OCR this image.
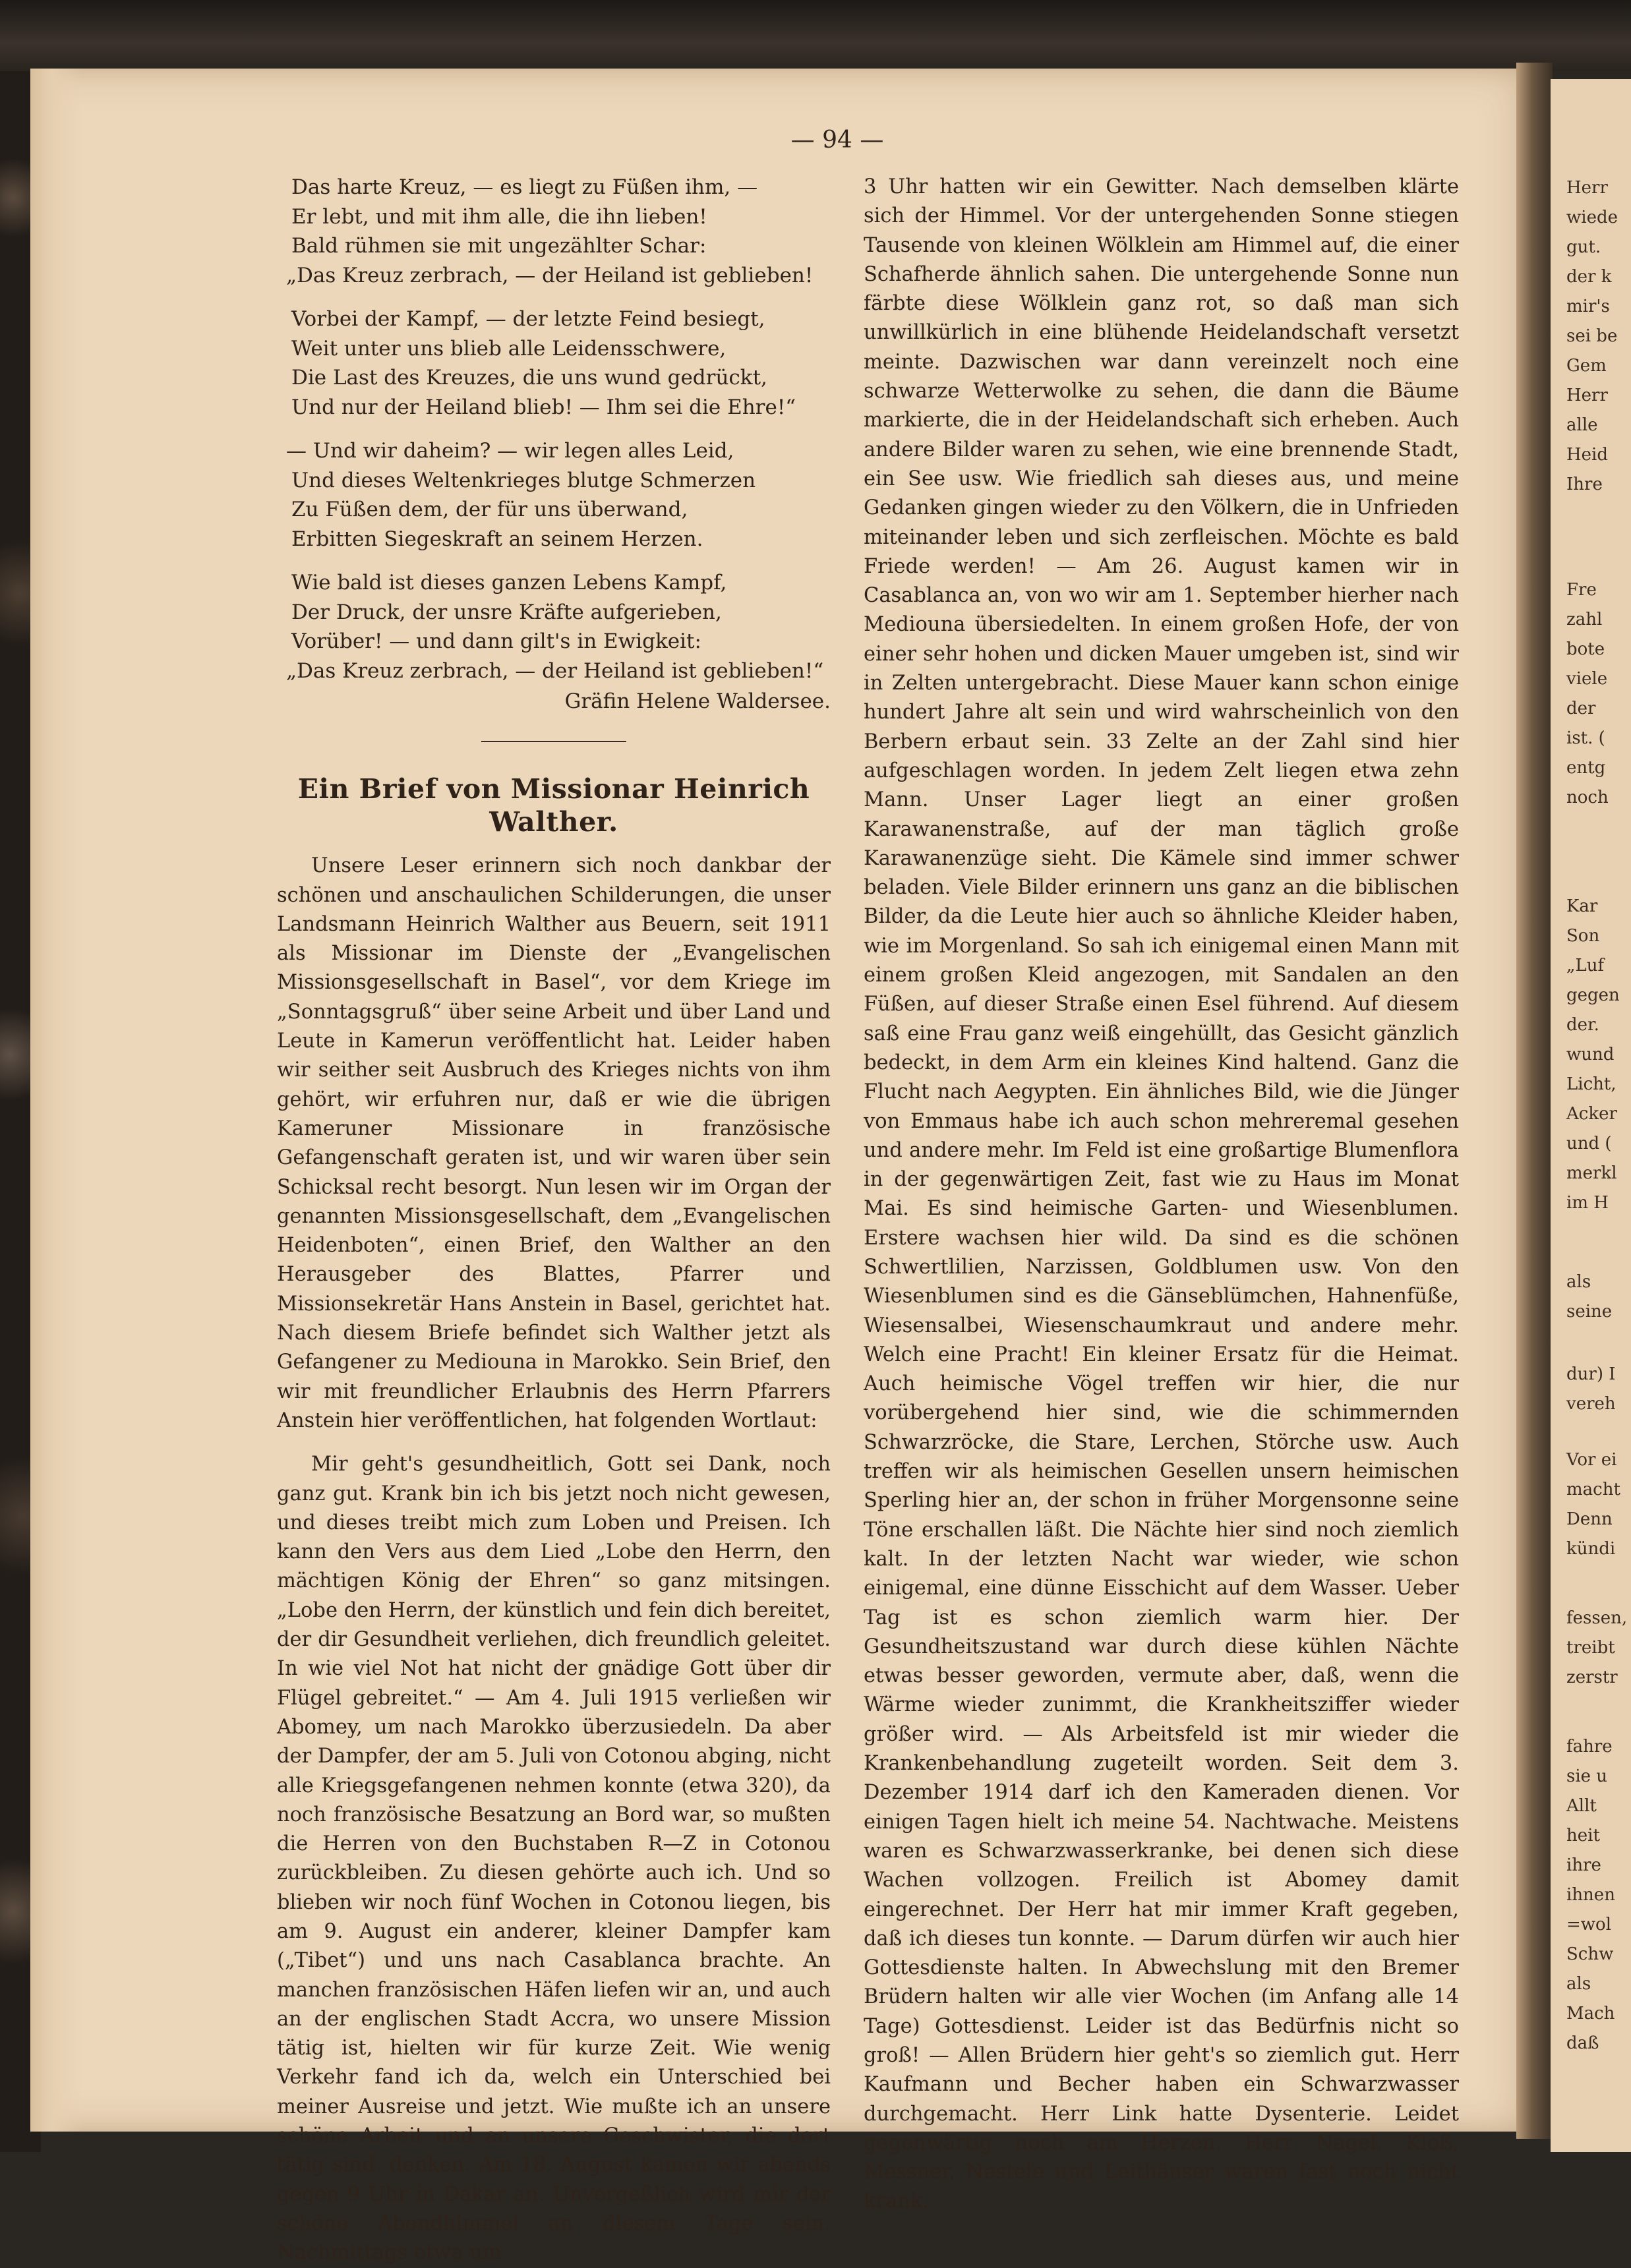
— 94 —
Das harte Kreuz, — es liegt zu Füßen ihm, —
Er lebt, und mit ihm alle, die ihn lieben!
Bald rühmen sie mit ungezählter Schar:
„Das Kreuz zerbrach, — der Heiland ist geblieben!
Vorbei der Kampf, — der letzte Feind besiegt,
Weit unter uns blieb alle Leidensschwere,
Die Last des Kreuzes, die uns wund gedrückt,
Und nur der Heiland blieb! — Ihm sei die Ehre!“
— Und wir daheim? — wir legen alles Leid,
Und dieses Weltenkrieges blutge Schmerzen
Zu Füßen dem, der für uns überwand,
Erbitten Siegeskraft an seinem Herzen.
Wie bald ist dieses ganzen Lebens Kampf,
Der Druck, der unsre Kräfte aufgerieben,
Vorüber! — und dann gilt's in Ewigkeit:
„Das Kreuz zerbrach, — der Heiland ist geblieben!“
Gräfin Helene Waldersee.
Ein Brief von Missionar Heinrich Walther.

Unsere Leser erinnern sich noch dankbar der schönen und anschaulichen Schilderungen, die unser Landsmann Heinrich Walther aus Beuern, seit 1911 als Missionar im Dienste der „Evangelischen Missionsgesellschaft in Basel“, vor dem Kriege im „Sonntagsgruß“ über seine Arbeit und über Land und Leute in Kamerun veröffentlicht hat. Leider haben wir seither seit Ausbruch des Krieges nichts von ihm gehört, wir erfuhren nur, daß er wie die übrigen Kameruner Missionare in französische Gefangenschaft geraten ist, und wir waren über sein Schicksal recht besorgt. Nun lesen wir im Organ der genannten Missionsgesellschaft, dem „Evangelischen Heidenboten“, einen Brief, den Walther an den Herausgeber des Blattes, Pfarrer und Missionsekretär Hans Anstein in Basel, gerichtet hat. Nach diesem Briefe befindet sich Walther jetzt als Gefangener zu Mediouna in Marokko. Sein Brief, den wir mit freundlicher Erlaubnis des Herrn Pfarrers Anstein hier veröffentlichen, hat folgenden Wortlaut:

Mir geht's gesundheitlich, Gott sei Dank, noch ganz gut. Krank bin ich bis jetzt noch nicht gewesen, und dieses treibt mich zum Loben und Preisen. Ich kann den Vers aus dem Lied „Lobe den Herrn, den mächtigen König der Ehren“ so ganz mitsingen. „Lobe den Herrn, der künstlich und fein dich bereitet, der dir Gesundheit verliehen, dich freundlich geleitet. In wie viel Not hat nicht der gnädige Gott über dir Flügel gebreitet.“ — Am 4. Juli 1915 verließen wir Abomey, um nach Marokko überzusiedeln. Da aber der Dampfer, der am 5. Juli von Cotonou abging, nicht alle Kriegsgefangenen nehmen konnte (etwa 320), da noch französische Besatzung an Bord war, so mußten die Herren von den Buchstaben R—Z in Cotonou zurückbleiben. Zu diesen gehörte auch ich. Und so blieben wir noch fünf Wochen in Cotonou liegen, bis am 9. August ein anderer, kleiner Dampfer kam („Tibet“) und uns nach Casablanca brachte. An manchen französischen Häfen liefen wir an, und auch an der englischen Stadt Accra, wo unsere Mission tätig ist, hielten wir für kurze Zeit. Wie wenig Verkehr fand ich da, welch ein Unterschied bei meiner Ausreise und jetzt. Wie mußte ich an unsere schöne Arbeit und an unsere Geschwister, die dort tätig sind, denken. Am 18. August kamen wir abends gegen 9 Uhr in Dakar an. Unvergeßlich wird mir der schöne Abendhimmel an diesem Tage sein. Nachmittags etwa um

3 Uhr hatten wir ein Gewitter. Nach demselben klärte sich der Himmel. Vor der untergehenden Sonne stiegen Tausende von kleinen Wölklein am Himmel auf, die einer Schafherde ähnlich sahen. Die untergehende Sonne nun färbte diese Wölklein ganz rot, so daß man sich unwillkürlich in eine blühende Heidelandschaft versetzt meinte. Dazwischen war dann vereinzelt noch eine schwarze Wetterwolke zu sehen, die dann die Bäume markierte, die in der Heidelandschaft sich erheben. Auch andere Bilder waren zu sehen, wie eine brennende Stadt, ein See usw. Wie friedlich sah dieses aus, und meine Gedanken gingen wieder zu den Völkern, die in Unfrieden miteinander leben und sich zerfleischen. Möchte es bald Friede werden! — Am 26. August kamen wir in Casablanca an, von wo wir am 1. September hierher nach Mediouna übersiedelten. In einem großen Hofe, der von einer sehr hohen und dicken Mauer umgeben ist, sind wir in Zelten untergebracht. Diese Mauer kann schon einige hundert Jahre alt sein und wird wahrscheinlich von den Berbern erbaut sein. 33 Zelte an der Zahl sind hier aufgeschlagen worden. In jedem Zelt liegen etwa zehn Mann. Unser Lager liegt an einer großen Karawanenstraße, auf der man täglich große Karawanenzüge sieht. Die Kämele sind immer schwer beladen. Viele Bilder erinnern uns ganz an die biblischen Bilder, da die Leute hier auch so ähnliche Kleider haben, wie im Morgenland. So sah ich einigemal einen Mann mit einem großen Kleid angezogen, mit Sandalen an den Füßen, auf dieser Straße einen Esel führend. Auf diesem saß eine Frau ganz weiß eingehüllt, das Gesicht gänzlich bedeckt, in dem Arm ein kleines Kind haltend. Ganz die Flucht nach Aegypten. Ein ähnliches Bild, wie die Jünger von Emmaus habe ich auch schon mehreremal gesehen und andere mehr. Im Feld ist eine großartige Blumenflora in der gegenwärtigen Zeit, fast wie zu Haus im Monat Mai. Es sind heimische Garten- und Wiesenblumen. Erstere wachsen hier wild. Da sind es die schönen Schwertlilien, Narzissen, Goldblumen usw. Von den Wiesenblumen sind es die Gänseblümchen, Hahnenfüße, Wiesensalbei, Wiesenschaumkraut und andere mehr. Welch eine Pracht! Ein kleiner Ersatz für die Heimat. Auch heimische Vögel treffen wir hier, die nur vorübergehend hier sind, wie die schimmernden Schwarzröcke, die Stare, Lerchen, Störche usw. Auch treffen wir als heimischen Gesellen unsern heimischen Sperling hier an, der schon in früher Morgensonne seine Töne erschallen läßt. Die Nächte hier sind noch ziemlich kalt. In der letzten Nacht war wieder, wie schon einigemal, eine dünne Eisschicht auf dem Wasser. Ueber Tag ist es schon ziemlich warm hier. Der Gesundheitszustand war durch diese kühlen Nächte etwas besser geworden, vermute aber, daß, wenn die Wärme wieder zunimmt, die Krankheitsziffer wieder größer wird. — Als Arbeitsfeld ist mir wieder die Krankenbehandlung zugeteilt worden. Seit dem 3. Dezember 1914 darf ich den Kameraden dienen. Vor einigen Tagen hielt ich meine 54. Nachtwache. Meistens waren es Schwarzwasserkranke, bei denen sich diese Wachen vollzogen. Freilich ist Abomey damit eingerechnet. Der Herr hat mir immer Kraft gegeben, daß ich dieses tun konnte. — Darum dürfen wir auch hier Gottesdienste halten. In Abwechslung mit den Bremer Brüdern halten wir alle vier Wochen (im Anfang alle 14 Tage) Gottesdienst. Leider ist das Bedürfnis nicht so groß! — Allen Brüdern hier geht's so ziemlich gut. Herr Kaufmann und Becher haben ein Schwarzwasser durchgemacht. Herr Link hatte Dysenterie. Leidet gegenwärtig noch am Herzen. Herr Nagel, Kloß, Messner, Nestele und Leithäuser waren fast noch nicht krank.

Herr
wiede
gut.
der k
mir's
sei be
Gem
Herr
alle
Heid
Ihre
Fre
zahl
bote
viele
der
ist. (
entg
noch
Kar
Son
„Luf
gegen
der.
wund
Licht,
Acker
und (
merkl
im H
als
seine
dur) I
vereh
Vor ei
macht
Denn
kündi
fessen,
treibt
zerstr
fahre
sie u
Allt
heit
ihre
ihnen
=wol
Schw
als
Mach
daß
